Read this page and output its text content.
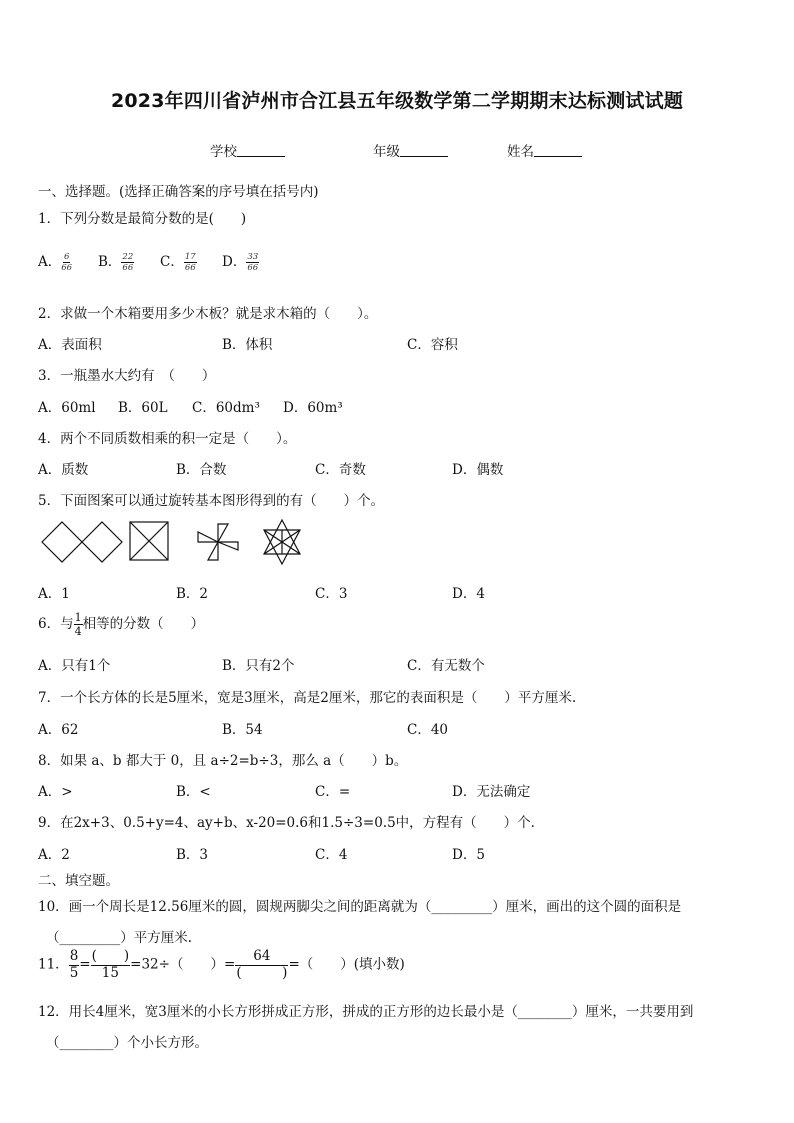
2023年四川省泸州市合江县五年级数学第二学期期末达标测试试题
学校	年级	姓名
一、选择题。(选择正确答案的序号填在括号内)
1．下列分数是最简分数的是(　　)
A． $\frac{6}{66}$ B． $\frac{22}{66}$ C． $\frac{17}{66}$ D． $\frac{33}{66}$
2．求做一个木箱要用多少木板？就是求木箱的（　　）。
A．表面积	B．体积	C．容积
3．一瓶墨水大约有　（　　）
A．60ml B．60L C．60dm³ D．60m³
4．两个不同质数相乘的积一定是（　　）。
A．质数	B．合数	C．奇数	D．偶数
5．下面图案可以通过旋转基本图形得到的有（　　）个。
A．1	B．2	C．3	D．4
6．与 $\frac{1}{4}$ 相等的分数（　　）
A．只有1个	B．只有2个	C．有无数个
7．一个长方体的长是5厘米，宽是3厘米，高是2厘米，那它的表面积是（　　）平方厘米.
A．62	B．54	C．40
8．如果 a、b 都大于 0，且 a÷2=b÷3，那么 a（　　）b。
A．>	B．<	C．=	D．无法确定
9．在2x+3、0.5+y=4、ay+b、x-20=0.6和1.5÷3=0.5中，方程有（　　）个.
A．2	B．3	C．4	D．5
二、填空题。
10．画一个周长是12.56厘米的圆，圆规两脚尖之间的距离就为（_________）厘米，画出的这个圆的面积是
（_________）平方厘米.
11． $\frac{8}{5} = \frac{( )}{15} =32\div$（　　）= $\frac{64}{( )}$ =（　　）(填小数)
12．用长4厘米，宽3厘米的小长方形拼成正方形，拼成的正方形的边长最小是（________）厘米，一共要用到
（________）个小长方形。
